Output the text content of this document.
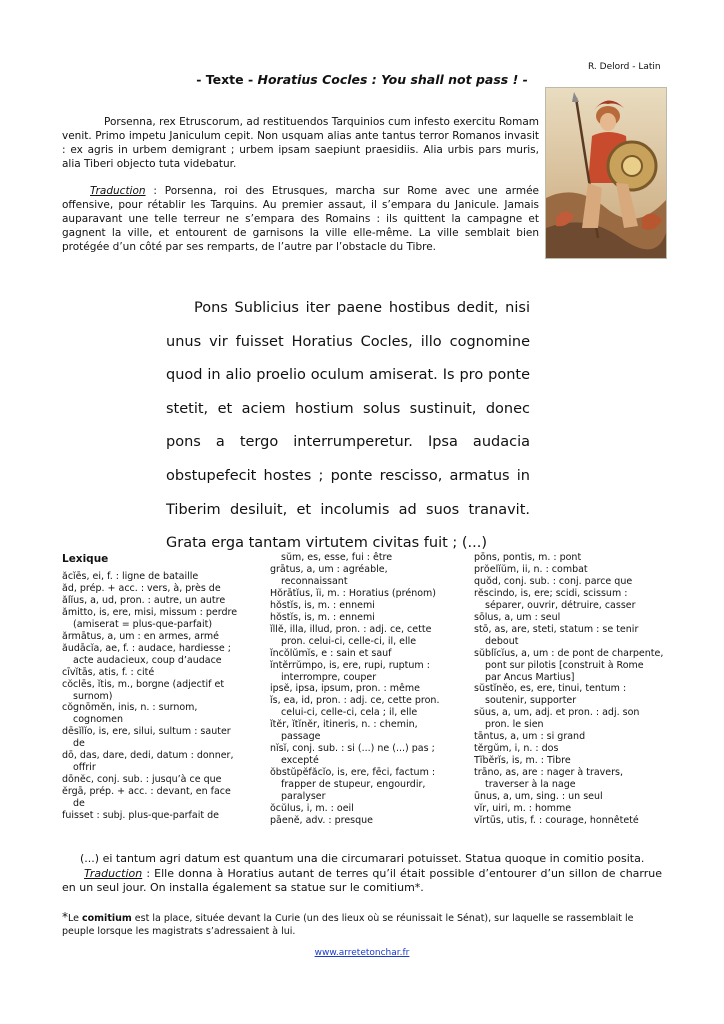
R. Delord - Latin
- Texte - Horatius Cocles : You shall not pass ! -
Porsenna, rex Etruscorum, ad restituendos Tarquinios cum infesto exercitu Romam venit. Primo impetu Janiculum cepit. Non usquam alias ante tantus terror Romanos invasit : ex agris in urbem demigrant ; urbem ipsam saepiunt praesidiis. Alia urbis pars muris, alia Tiberi objecto tuta videbatur.
Traduction : Porsenna, roi des Etrusques, marcha sur Rome avec une armée offensive, pour rétablir les Tarquins. Au premier assaut, il s’empara du Janicule. Jamais auparavant une telle terreur ne s’empara des Romains : ils quittent la campagne et gagnent la ville, et entourent de garnisons la ville elle-même. La ville semblait bien protégée d’un côté par ses remparts, de l’autre par l’obstacle du Tibre.

Pons Sublicius iter paene hostibus dedit, nisi unus vir fuisset Horatius Cocles, illo cognomine quod in alio proelio oculum amiserat. Is pro ponte stetit, et aciem hostium solus sustinuit, donec pons a tergo interrumperetur. Ipsa audacia obstupefecit hostes ; ponte rescisso, armatus in Tiberim desiluit, et incolumis ad suos tranavit. Grata erga tantam virtutem civitas fuit ; (...)

Lexique
ăcĭēs, ei, f. : ligne de bataille
ăd, prép. + acc. : vers, à, près de
ălĭus, a, ud, pron. : autre, un autre
ămitto, is, ere, misi, missum : perdre
(amiserat = plus-que-parfait)
ărmātus, a, um : en armes, armé
ăudācĭa, ae, f. : audace, hardiesse ;
acte audacieux, coup d’audace
cīvĭtās, atis, f. : cité
cŏclēs, ĭtis, m., borgne (adjectif et
surnom)
cŏgnōmĕn, inis, n. : surnom,
cognomen
dēsĭlĭo, is, ere, silui, sultum : sauter
de
dō, das, dare, dedi, datum : donner,
offrir
dōnĕc, conj. sub. : jusqu’à ce que
ĕrgā, prép. + acc. : devant, en face
de
fuisset : subj. plus-que-parfait de
sŭm, es, esse, fui : être
grātus, a, um : agréable,
reconnaissant
Hŏrātĭus, ĭi, m. : Horatius (prénom)
hŏstĭs, is, m. : ennemi
hŏstĭs, is, m. : ennemi
ĭllĕ, illa, illud, pron. : adj. ce, cette
pron. celui-ci, celle-ci, il, elle
ĭncŏlŭmĭs, e : sain et sauf
ĭntĕrrŭmpo, is, ere, rupi, ruptum :
interrompre, couper
ipsĕ, ipsa, ipsum, pron. : même
ĭs, ea, id, pron. : adj. ce, cette pron.
celui-ci, celle-ci, cela ; il, elle
ĭtĕr, ĭtĭnĕr, itineris, n. : chemin,
passage
nĭsĭ, conj. sub. : si (...) ne (...) pas ;
excepté
ŏbstŭpĕfăcĭo, is, ere, fēci, factum :
frapper de stupeur, engourdir,
paralyser
ŏcŭlus, i, m. : oeil
pāenĕ, adv. : presque
pōns, pontis, m. : pont
prŏelĭŭm, ii, n. : combat
quŏd, conj. sub. : conj. parce que
rĕscindo, is, ere; scidi, scissum :
séparer, ouvrir, détruire, casser
sōlus, a, um : seul
stō, as, are, steti, statum : se tenir
debout
sŭblĭcĭus, a, um : de pont de charpente,
pont sur pilotis [construit à Rome
par Ancus Martius]
sŭstĭnĕo, es, ere, tinui, tentum :
soutenir, supporter
sŭus, a, um, adj. et pron. : adj. son
pron. le sien
tāntus, a, um : si grand
tĕrgŭm, i, n. : dos
Tĭbĕrĭs, is, m. : Tibre
trāno, as, are : nager à travers,
traverser à la nage
ūnus, a, um, sing. : un seul
vĭr, uiri, m. : homme
vĭrtūs, utis, f. : courage, honnêteté
(...) ei tantum agri datum est quantum una die circumarari potuisset. Statua quoque in comitio posita.
Traduction : Elle donna à Horatius autant de terres qu’il était possible d’entourer d’un sillon de charrue en un seul jour. On installa également sa statue sur le comitium*.
*Le comitium est la place, située devant la Curie (un des lieux où se réunissait le Sénat), sur laquelle se rassemblait le peuple lorsque les magistrats s’adressaient à lui.
www.arretetonchar.fr
